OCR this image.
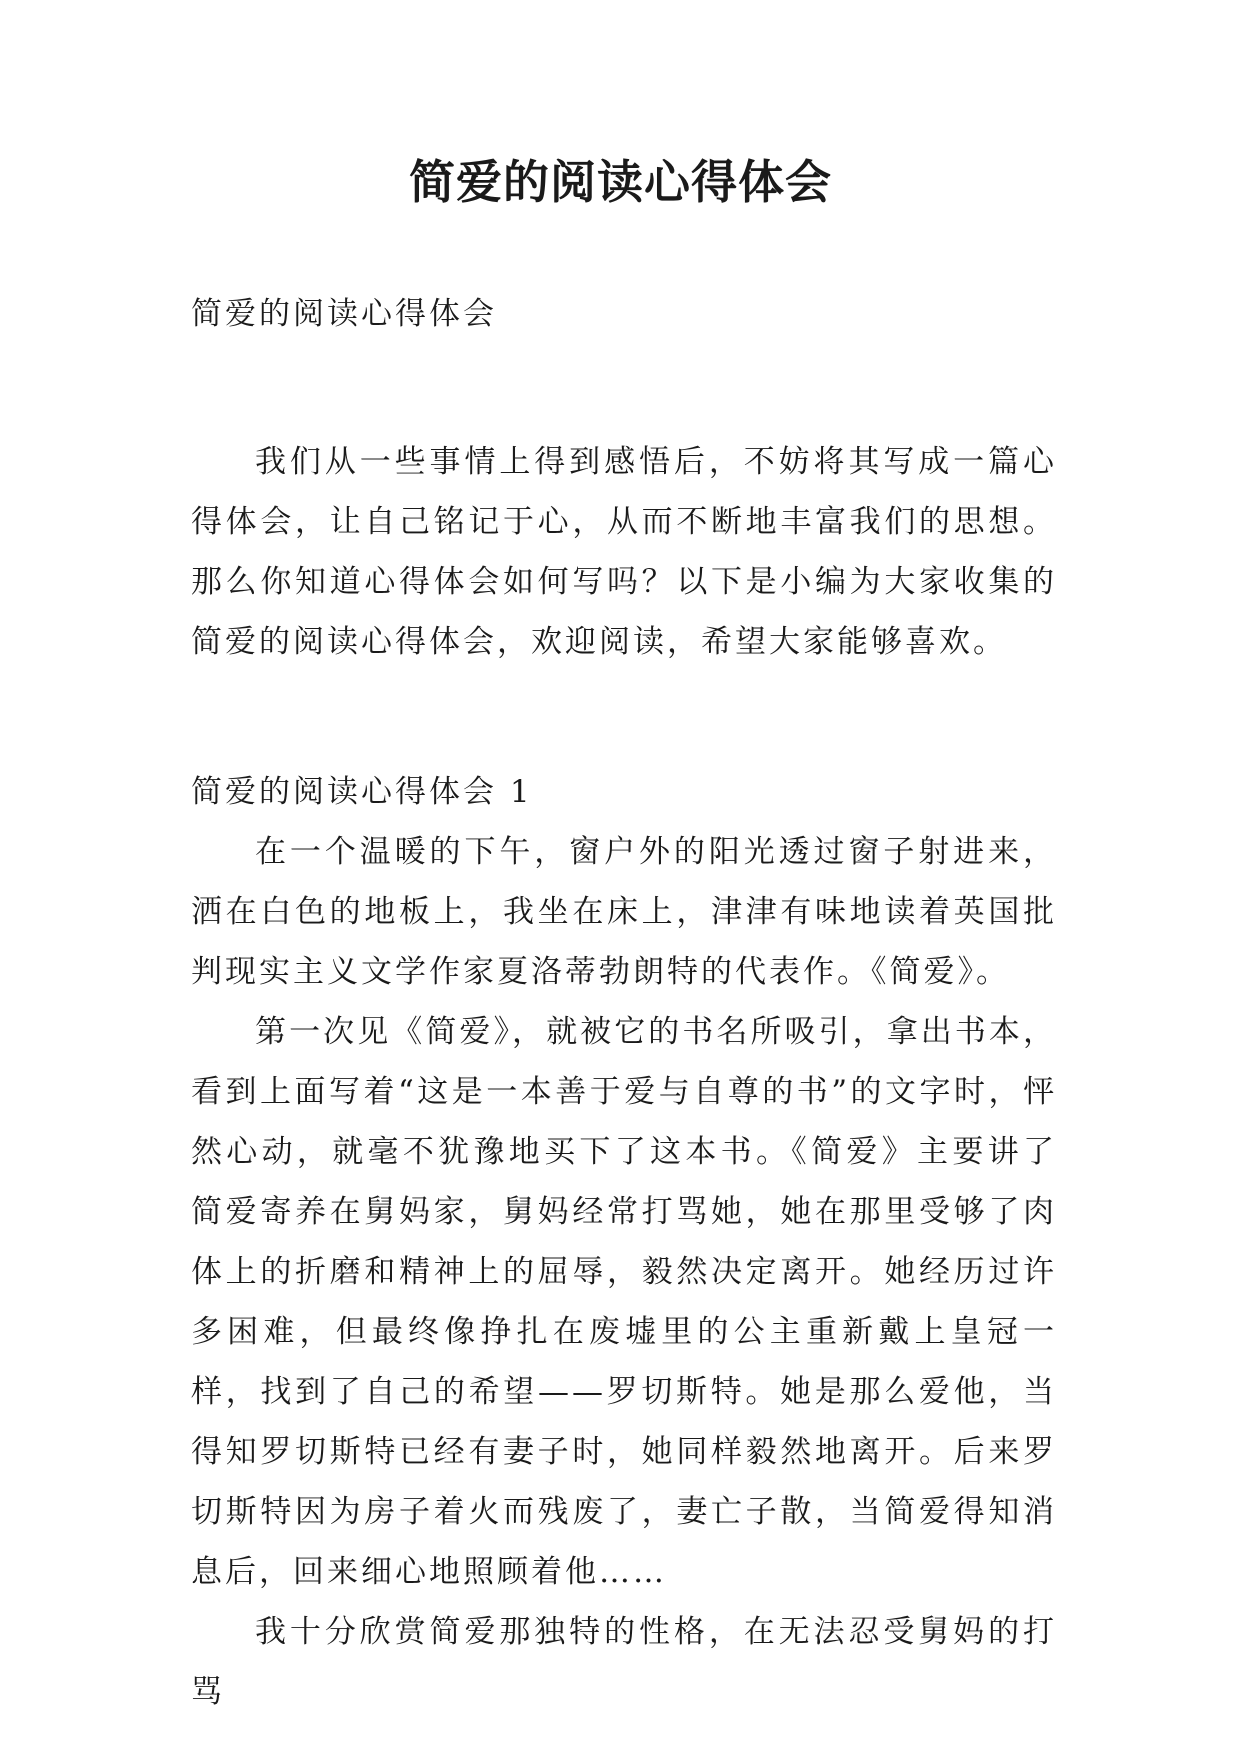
简爱的阅读心得体会

简爱的阅读心得体会

我们从一些事情上得到感悟后，不妨将其写成一篇心得体会，让自己铭记于心，从而不断地丰富我们的思想。那么你知道心得体会如何写吗？以下是小编为大家收集的简爱的阅读心得体会，欢迎阅读，希望大家能够喜欢。

简爱的阅读心得体会 1

在一个温暖的下午，窗户外的阳光透过窗子射进来，洒在白色的地板上，我坐在床上，津津有味地读着英国批判现实主义文学作家夏洛蒂勃朗特的代表作。《简爱》。

第一次见《简爱》，就被它的书名所吸引，拿出书本，看到上面写着“这是一本善于爱与自尊的书”的文字时，怦然心动，就毫不犹豫地买下了这本书。《简爱》主要讲了简爱寄养在舅妈家，舅妈经常打骂她，她在那里受够了肉体上的折磨和精神上的屈辱，毅然决定离开。她经历过许多困难，但最终像挣扎在废墟里的公主重新戴上皇冠一样，找到了自己的希望——罗切斯特。她是那么爱他，当得知罗切斯特已经有妻子时，她同样毅然地离开。后来罗切斯特因为房子着火而残废了，妻亡子散，当简爱得知消息后，回来细心地照顾着他……

我十分欣赏简爱那独特的性格，在无法忍受舅妈的打骂
